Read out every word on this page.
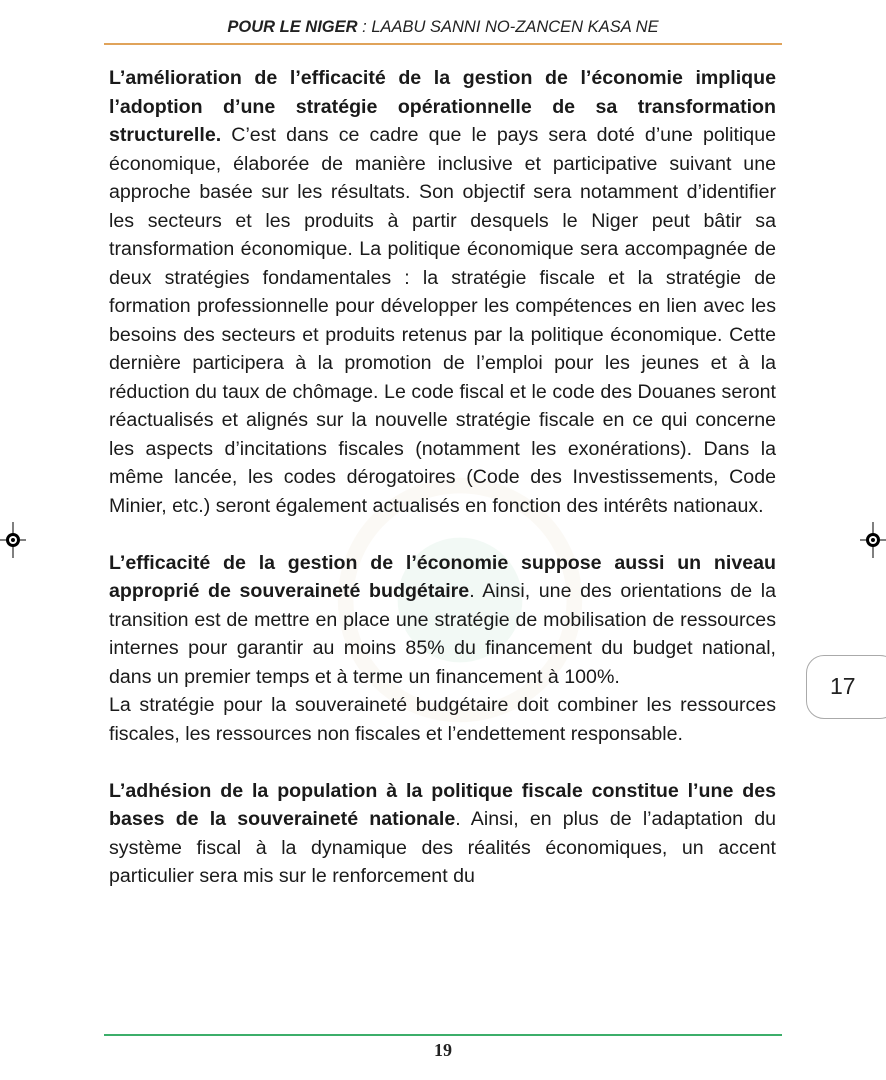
POUR LE NIGER : LAABU SANNI NO-ZANCEN KASA NE

L’amélioration de l’efficacité de la gestion de l’économie implique l’adoption d’une stratégie opérationnelle de sa transformation structurelle. C’est dans ce cadre que le pays sera doté d’une politique économique, élaborée de manière inclusive et participative suivant une approche basée sur les résultats. Son objectif sera notamment d’identifier les secteurs et les produits à partir desquels le Niger peut bâtir sa transformation économique. La politique économique sera accompagnée de deux stratégies fondamentales : la stratégie fiscale et la stratégie de formation professionnelle pour développer les compétences en lien avec les besoins des secteurs et produits retenus par la politique économique. Cette dernière participera à la promotion de l’emploi pour les jeunes et à la réduction du taux de chômage. Le code fiscal et le code des Douanes seront réactualisés et alignés sur la nouvelle stratégie fiscale en ce qui concerne les aspects d’incitations fiscales (notamment les exonérations). Dans la même lancée, les codes dérogatoires (Code des Investissements, Code Minier, etc.) seront également actualisés en fonction des intérêts nationaux.

L’efficacité de la gestion de l’économie suppose aussi un niveau approprié de souveraineté budgétaire. Ainsi, une des orientations de la transition est de mettre en place une stratégie de mobilisation de ressources internes pour garantir au moins 85% du financement du budget national, dans un premier temps et à terme un financement à 100%.

La stratégie pour la souveraineté budgétaire doit combiner les ressources fiscales, les ressources non fiscales et l’endettement responsable.

L’adhésion de la population à la politique fiscale constitue l’une des bases de la souveraineté nationale. Ainsi, en plus de l’adaptation du système fiscal à la dynamique des réalités économiques, un accent particulier sera mis sur le renforcement du

17
19
